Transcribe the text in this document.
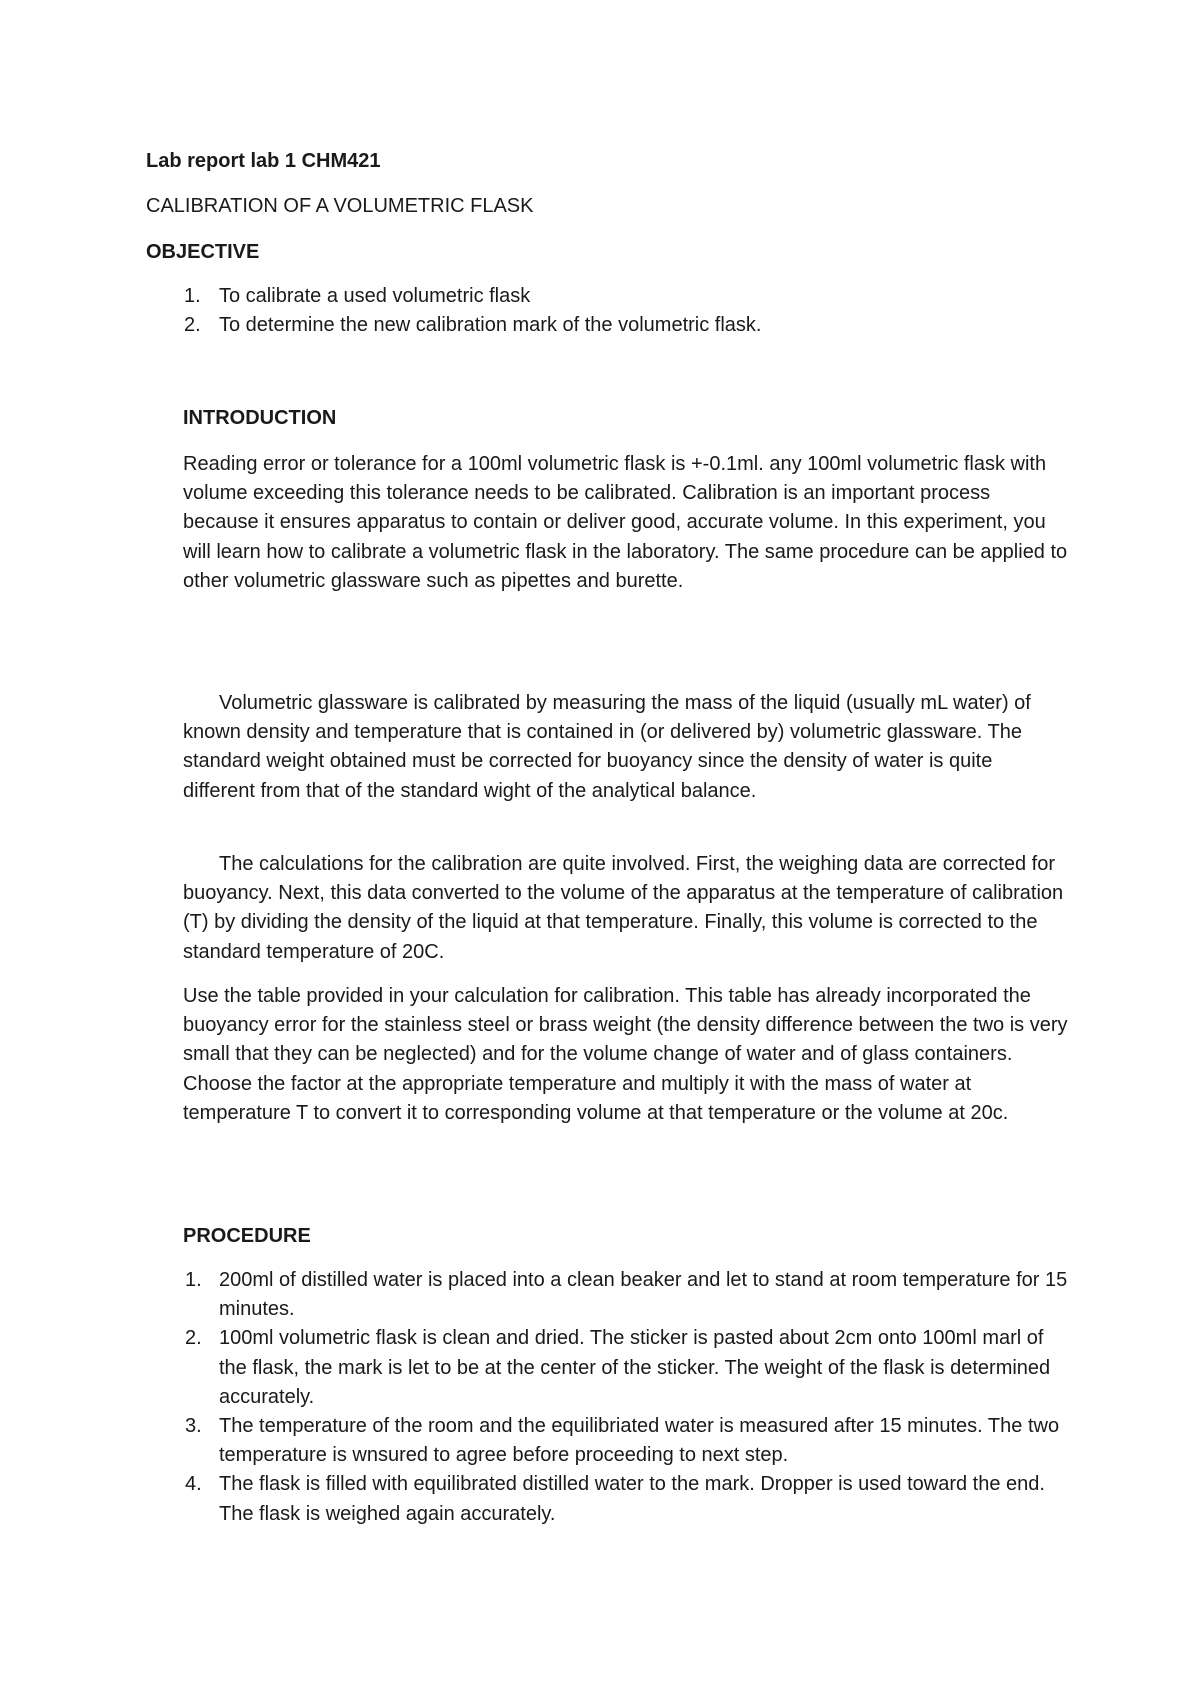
Lab report lab 1 CHM421
CALIBRATION OF A VOLUMETRIC FLASK
OBJECTIVE
1. To calibrate a used volumetric flask
2. To determine the new calibration mark of the volumetric flask.
INTRODUCTION

Reading error or tolerance for a 100ml volumetric flask is +-0.1ml. any 100ml volumetric flask with volume exceeding this tolerance needs to be calibrated. Calibration is an important process because it ensures apparatus to contain or deliver good, accurate volume. In this experiment, you will learn how to calibrate a volumetric flask in the laboratory. The same procedure can be applied to other volumetric glassware such as pipettes and burette.

Volumetric glassware is calibrated by measuring the mass of the liquid (usually mL water) of known density and temperature that is contained in (or delivered by) volumetric glassware. The standard weight obtained must be corrected for buoyancy since the density of water is quite different from that of the standard wight of the analytical balance.

The calculations for the calibration are quite involved. First, the weighing data are corrected for buoyancy. Next, this data converted to the volume of the apparatus at the temperature of calibration (T) by dividing the density of the liquid at that temperature. Finally, this volume is corrected to the standard temperature of 20C.

Use the table provided in your calculation for calibration. This table has already incorporated the buoyancy error for the stainless steel or brass weight (the density difference between the two is very small that they can be neglected) and for the volume change of water and of glass containers. Choose the factor at the appropriate temperature and multiply it with the mass of water at temperature T to convert it to corresponding volume at that temperature or the volume at 20c.

PROCEDURE
1. 200ml of distilled water is placed into a clean beaker and let to stand at room temperature for 15 minutes.
2. 100ml volumetric flask is clean and dried. The sticker is pasted about 2cm onto 100ml marl of the flask, the mark is let to be at the center of the sticker. The weight of the flask is determined accurately.
3. The temperature of the room and the equilibriated water is measured after 15 minutes. The two temperature is wnsured to agree before proceeding to next step.
4. The flask is filled with equilibrated distilled water to the mark. Dropper is used toward the end. The flask is weighed again accurately.
